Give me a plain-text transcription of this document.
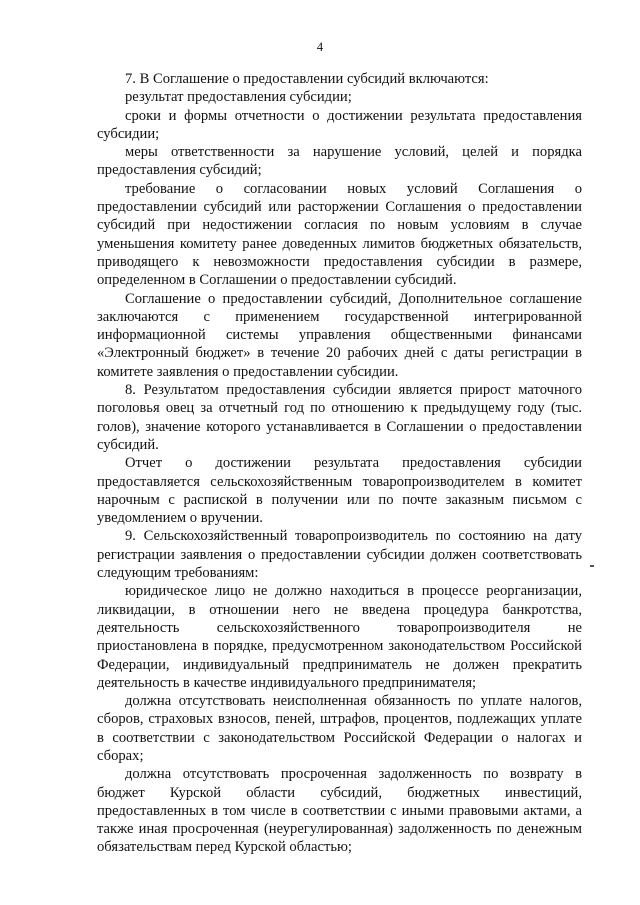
4

7. В Соглашение о предоставлении субсидий включаются:

результат предоставления субсидии;

сроки и формы отчетности о достижении результата предоставления субсидии;

меры ответственности за нарушение условий, целей и порядка предоставления субсидий;

требование о согласовании новых условий Соглашения о предоставлении субсидий или расторжении Соглашения о предоставлении субсидий при недостижении согласия по новым условиям в случае уменьшения комитету ранее доведенных лимитов бюджетных обязательств, приводящего к невозможности предоставления субсидии в размере, определенном в Соглашении о предоставлении субсидий.

Соглашение о предоставлении субсидий, Дополнительное соглашение заключаются с применением государственной интегрированной информационной системы управления общественными финансами «Электронный бюджет» в течение 20 рабочих дней с даты регистрации в комитете заявления о предоставлении субсидии.

8. Результатом предоставления субсидии является прирост маточного поголовья овец за отчетный год по отношению к предыдущему году (тыс. голов), значение которого устанавливается в Соглашении о предоставлении субсидий.

Отчет о достижении результата предоставления субсидии предоставляется сельскохозяйственным товаропроизводителем в комитет нарочным с распиской в получении или по почте заказным письмом с уведомлением о вручении.

9. Сельскохозяйственный товаропроизводитель по состоянию на дату регистрации заявления о предоставлении субсидии должен соответствовать следующим требованиям:

юридическое лицо не должно находиться в процессе реорганизации, ликвидации, в отношении него не введена процедура банкротства, деятельность сельскохозяйственного товаропроизводителя не приостановлена в порядке, предусмотренном законодательством Российской Федерации, индивидуальный предприниматель не должен прекратить деятельность в качестве индивидуального предпринимателя;

должна отсутствовать неисполненная обязанность по уплате налогов, сборов, страховых взносов, пеней, штрафов, процентов, подлежащих уплате в соответствии с законодательством Российской Федерации о налогах и сборах;

должна отсутствовать просроченная задолженность по возврату в бюджет Курской области субсидий, бюджетных инвестиций, предоставленных в том числе в соответствии с иными правовыми актами, а также иная просроченная (неурегулированная) задолженность по денежным обязательствам перед Курской областью;
